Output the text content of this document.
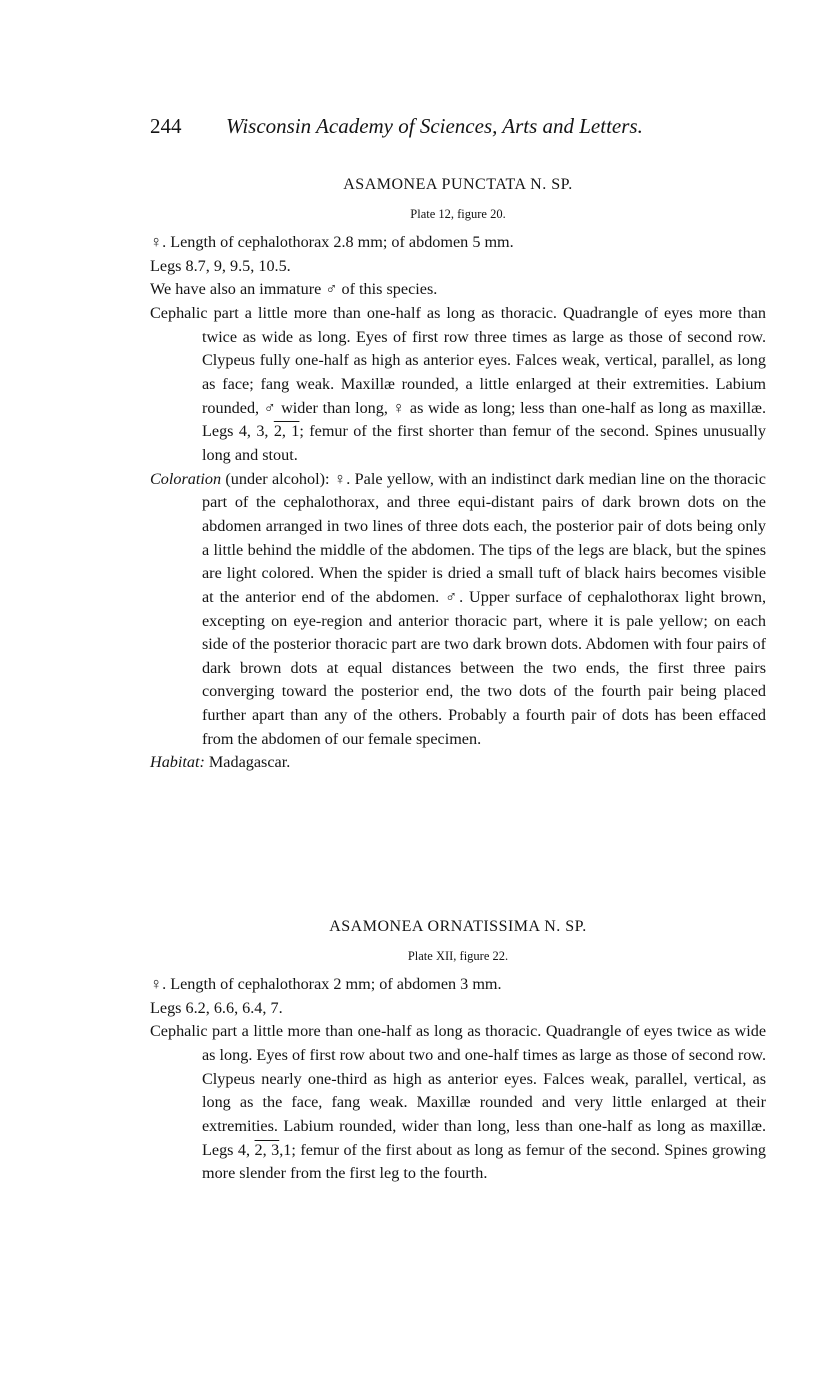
244 Wisconsin Academy of Sciences, Arts and Letters.
ASAMONEA PUNCTATA N. SP.
Plate 12, figure 20.

♀. Length of cephalothorax 2.8 mm; of abdomen 5 mm.

Legs 8.7, 9, 9.5, 10.5.

We have also an immature ♂ of this species.

Cephalic part a little more than one-half as long as thoracic. Quadrangle of eyes more than twice as wide as long. Eyes of first row three times as large as those of second row. Clypeus fully one-half as high as anterior eyes. Falces weak, vertical, parallel, as long as face; fang weak. Maxillæ rounded, a little enlarged at their extremities. Labium rounded, ♂ wider than long, ♀ as wide as long; less than one-half as long as maxillæ. Legs 4, 3, 2, 1; femur of the first shorter than femur of the second. Spines unusually long and stout.

Coloration (under alcohol): ♀. Pale yellow, with an indistinct dark median line on the thoracic part of the cephalothorax, and three equi-distant pairs of dark brown dots on the abdomen arranged in two lines of three dots each, the posterior pair of dots being only a little behind the middle of the abdomen. The tips of the legs are black, but the spines are light colored. When the spider is dried a small tuft of black hairs becomes visible at the anterior end of the abdomen. ♂. Upper surface of cephalothorax light brown, excepting on eye-region and anterior thoracic part, where it is pale yellow; on each side of the posterior thoracic part are two dark brown dots. Abdomen with four pairs of dark brown dots at equal distances between the two ends, the first three pairs converging toward the posterior end, the two dots of the fourth pair being placed further apart than any of the others. Probably a fourth pair of dots has been effaced from the abdomen of our female specimen.

Habitat: Madagascar.

ASAMONEA ORNATISSIMA N. SP.
Plate XII, figure 22.

♀. Length of cephalothorax 2 mm; of abdomen 3 mm.

Legs 6.2, 6.6, 6.4, 7.

Cephalic part a little more than one-half as long as thoracic. Quadrangle of eyes twice as wide as long. Eyes of first row about two and one-half times as large as those of second row. Clypeus nearly one-third as high as anterior eyes. Falces weak, parallel, vertical, as long as the face, fang weak. Maxillæ rounded and very little enlarged at their extremities. Labium rounded, wider than long, less than one-half as long as maxillæ. Legs 4, 2, 3,1; femur of the first about as long as femur of the second. Spines growing more slender from the first leg to the fourth.
